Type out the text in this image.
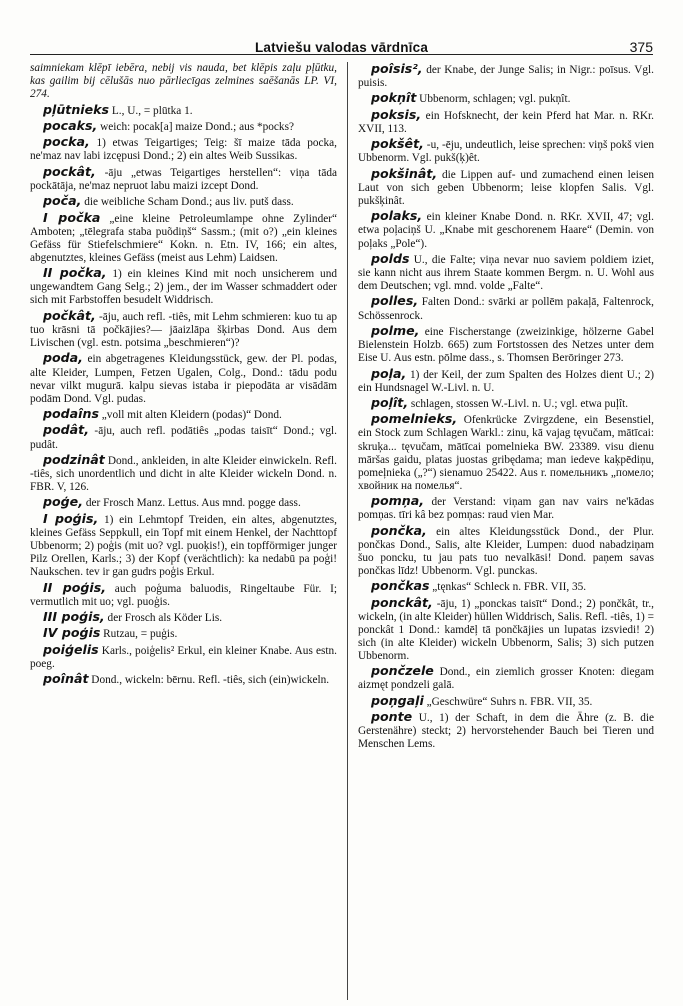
Latviešu valodas vārdnīca	375

saimniekam klēpī iebēra, nebij vis nauda, bet klēpis zaļu pļūtku, kas gailim bij cēlušās nuo pārliecīgas zelmines saēšanās LP. VI, 274.

pļūtnieks L., U., = plūtka 1.

pocaks, weich: pocak[a] maize Dond.; aus *pocks?

pocka, 1) etwas Teigartiges; Teig: šī maize tāda pocka, ne'maz nav labi izcępusi Dond.; 2) ein altes Weib Sussikas.

pockât, -āju „etwas Teigartiges herstellen“: viņa tāda pockātāja, ne'maz nepruot labu maizi izcept Dond.

poča, die weibliche Scham Dond.; aus liv. putš dass.

I počka „eine kleine Petroleumlampe ohne Zylinder“ Amboten; „tēlegrafa staba puõdiņš“ Sassm.; (mit o?) „ein kleines Gefäss für Stiefelschmiere“ Kokn. n. Etn. IV, 166; ein altes, abgenutztes, kleines Gefäss (meist aus Lehm) Laidsen.

II počka, 1) ein kleines Kind mit noch unsicherem und ungewandtem Gang Selg.; 2) jem., der im Wasser schmaddert oder sich mit Farbstoffen besudelt Widdrisch.

počkât, -āju, auch refl. -tiês, mit Lehm schmieren: kuo tu ap tuo krāsni tā počkājies?— jāaizlāpa šķirbas Dond. Aus dem Livischen (vgl. estn. potsima „beschmieren“)?

poda, ein abgetragenes Kleidungsstück, gew. der Pl. podas, alte Kleider, Lumpen, Fetzen Ugalen, Colg., Dond.: tādu podu nevar vilkt mugurā. kalpu sievas istaba ir piepodāta ar visādām podām Dond. Vgl. pudas.

podaîns „voll mit alten Kleidern (podas)“ Dond.

podât, -āju, auch refl. podātiês „podas taisīt“ Dond.; vgl. pudât.

podzinât Dond., ankleiden, in alte Kleider einwickeln. Refl. -tiês, sich unordentlich und dicht in alte Kleider wickeln Dond. n. FBR. V, 126.

poģe, der Frosch Manz. Lettus. Aus mnd. pogge dass.

I poģis, 1) ein Lehmtopf Treiden, ein altes, abgenutztes, kleines Gefäss Seppkull, ein Topf mit einem Henkel, der Nachttopf Ubbenorm; 2) poģis (mit uo? vgl. puoķis!), ein topfförmiger junger Pilz Orellen, Karls.; 3) der Kopf (verächtlich): ka nedabū pa poģi! Naukschen. tev ir gan gudrs poģis Erkul.

II poģis, auch poģuma baluodis, Ringeltaube Für. I; vermutlich mit uo; vgl. puoģis.

III poģis, der Frosch als Köder Lis.

IV poģis Rutzau, = puģis.

poiģelis Karls., poiģelis² Erkul, ein kleiner Knabe. Aus estn. poeg.

poînât Dond., wickeln: bērnu. Refl. -tiês, sich (ein)wickeln.

poîsis², der Knabe, der Junge Salis; in Nigr.: poīsus. Vgl. puisis.

pokņît Ubbenorm, schlagen; vgl. pukņît.

poksis, ein Hofsknecht, der kein Pferd hat Mar. n. RKr. XVII, 113.

pokšêt, -u, -ēju, undeutlich, leise sprechen: viņš pokš vien Ubbenorm. Vgl. pukš(ķ)êt.

pokšinât, die Lippen auf- und zumachend einen leisen Laut von sich geben Ubbenorm; leise klopfen Salis. Vgl. pukšķinât.

polaks, ein kleiner Knabe Dond. n. RKr. XVII, 47; vgl. etwa poļaciņš U. „Knabe mit geschorenem Haare“ (Demin. von poļaks „Pole“).

polds U., die Falte; viņa nevar nuo saviem poldiem iziet, sie kann nicht aus ihrem Staate kommen Bergm. n. U. Wohl aus dem Deutschen; vgl. mnd. volde „Falte“.

polles, Falten Dond.: svārki ar pollēm pakaļā, Faltenrock, Schössenrock.

polme, eine Fischerstange (zweizinkige, hölzerne Gabel Bielenstein Holzb. 665) zum Fortstossen des Netzes unter dem Eise U. Aus estn. pōlme dass., s. Thomsen Berōringer 273.

poļa, 1) der Keil, der zum Spalten des Holzes dient U.; 2) ein Hundsnagel W.-Livl. n. U.

poļît, schlagen, stossen W.-Livl. n. U.; vgl. etwa puļît.

pomelnieks, Ofenkrücke Zvirgzdene, ein Besenstiel, ein Stock zum Schlagen Warkl.: zinu, kā vajag tęvučam, mātīcai: skruķa... tęvučam, mātīcai pomelnieka BW. 23389. visu dienu māršas gaidu, platas juostas gribędama; man iedeve kaķpēdiņu, pomeļnieka („?“) sienamuo 25422. Aus r. помельникъ „помело; хвойник на помелья“.

pomņa, der Verstand: viņam gan nav vairs ne'kādas pomņas. tīri kâ bez pomņas: raud vien Mar.

pončka, ein altes Kleidungsstück Dond., der Plur. pončkas Dond., Salis, alte Kleider, Lumpen: duod nabadziņam šuo poncku, tu jau pats tuo nevalkāsi! Dond. paņem savas pončkas līdz! Ubbenorm. Vgl. punckas.

pončkas „tęnkas“ Schleck n. FBR. VII, 35.

ponckât, -āju, 1) „ponckas taisīt“ Dond.; 2) pončkât, tr., wickeln, (in alte Kleider) hüllen Widdrisch, Salis. Refl. -tiês, 1) = ponckât 1 Dond.: kamdēļ tā pončkājies un lupatas izsviedi! 2) sich (in alte Kleider) wickeln Ubbenorm, Salis; 3) sich putzen Ubbenorm.

pončzele Dond., ein ziemlich grosser Knoten: diegam aizmęt pondzeli galā.

poņgaļi „Geschwüre“ Suhrs n. FBR. VII, 35.

ponte U., 1) der Schaft, in dem die Ähre (z. B. die Gerstenähre) steckt; 2) hervorstehender Bauch bei Tieren und Menschen Lems.
